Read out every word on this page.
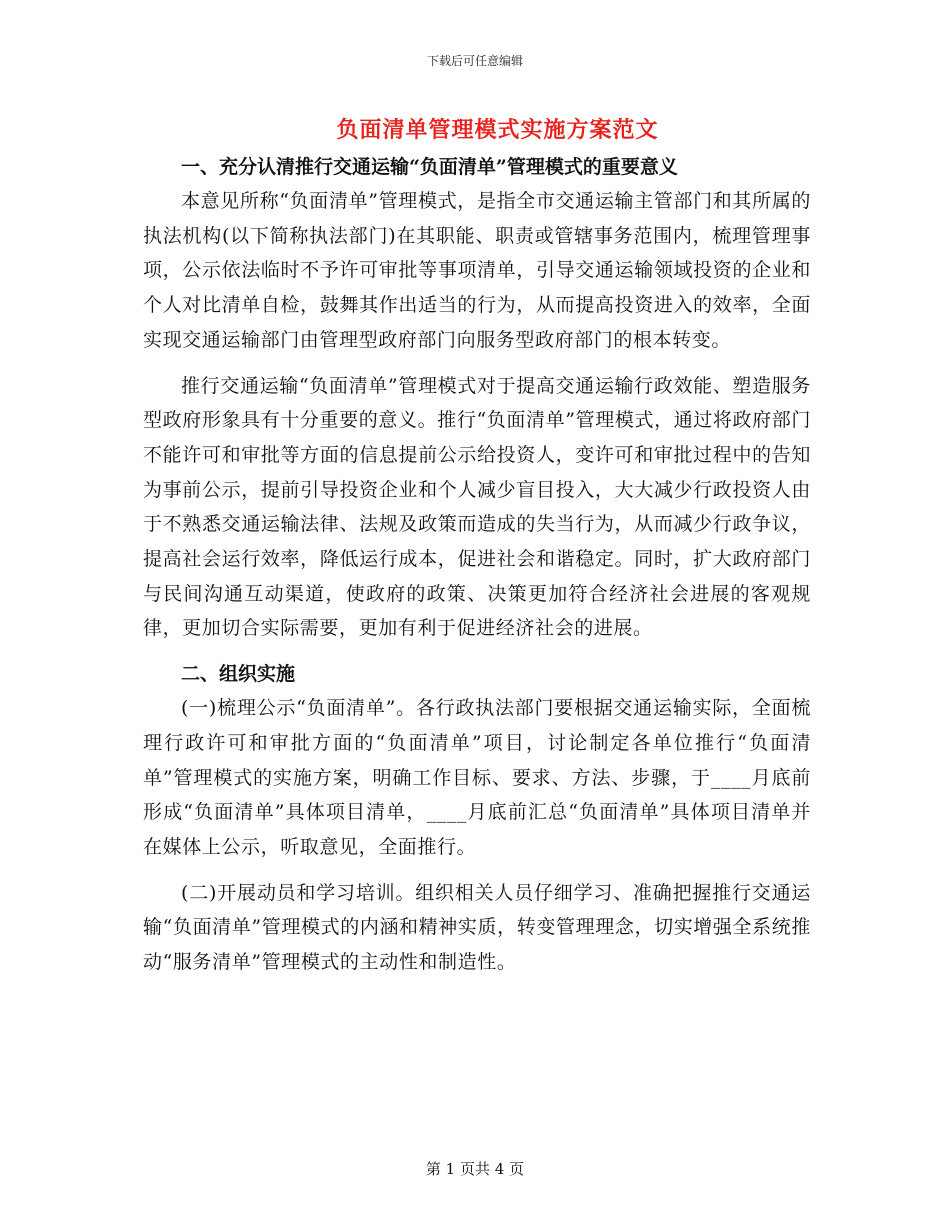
下载后可任意编辑
负面清单管理模式实施方案范文
一、充分认清推行交通运输“负面清单”管理模式的重要意义

本意见所称“负面清单”管理模式，是指全市交通运输主管部门和其所属的执法机构(以下简称执法部门)在其职能、职责或管辖事务范围内，梳理管理事项，公示依法临时不予许可审批等事项清单，引导交通运输领域投资的企业和个人对比清单自检，鼓舞其作出适当的行为，从而提高投资进入的效率，全面实现交通运输部门由管理型政府部门向服务型政府部门的根本转变。

推行交通运输“负面清单”管理模式对于提高交通运输行政效能、塑造服务型政府形象具有十分重要的意义。推行“负面清单”管理模式，通过将政府部门不能许可和审批等方面的信息提前公示给投资人，变许可和审批过程中的告知为事前公示，提前引导投资企业和个人减少盲目投入，大大减少行政投资人由于不熟悉交通运输法律、法规及政策而造成的失当行为，从而减少行政争议，提高社会运行效率，降低运行成本，促进社会和谐稳定。同时，扩大政府部门与民间沟通互动渠道，使政府的政策、决策更加符合经济社会进展的客观规律，更加切合实际需要，更加有利于促进经济社会的进展。

二、组织实施

(一)梳理公示“负面清单”。各行政执法部门要根据交通运输实际，全面梳理行政许可和审批方面的“负面清单”项目，讨论制定各单位推行“负面清单”管理模式的实施方案，明确工作目标、要求、方法、步骤，于____月底前形成“负面清单”具体项目清单，____月底前汇总“负面清单”具体项目清单并在媒体上公示，听取意见，全面推行。

(二)开展动员和学习培训。组织相关人员仔细学习、准确把握推行交通运输“负面清单”管理模式的内涵和精神实质，转变管理理念，切实增强全系统推动“服务清单”管理模式的主动性和制造性。

第 1 页共 4 页
